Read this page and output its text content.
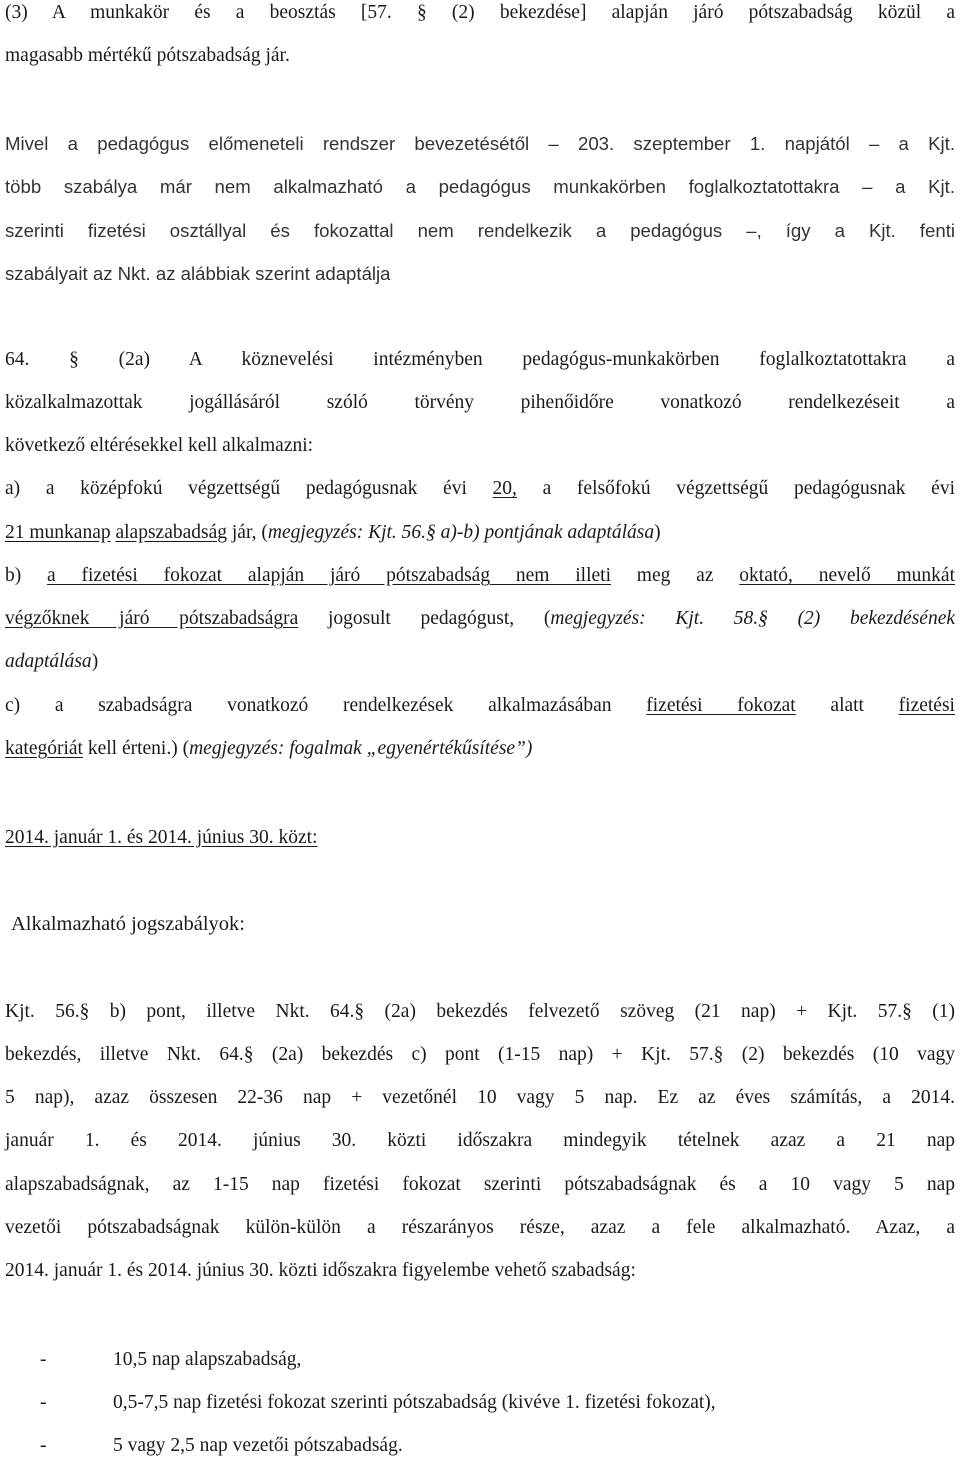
(3) A munkakör és a beosztás [57. § (2) bekezdése] alapján járó pótszabadság közül a
magasabb mértékű pótszabadság jár.
Mivel a pedagógus előmeneteli rendszer bevezetésétől – 203. szeptember 1. napjától – a Kjt.
több szabálya már nem alkalmazható a pedagógus munkakörben foglalkoztatottakra – a Kjt.
szerinti fizetési osztállyal és fokozattal nem rendelkezik a pedagógus –, így a Kjt. fenti
szabályait az Nkt. az alábbiak szerint adaptálja
64. § (2a) A köznevelési intézményben pedagógus-munkakörben foglalkoztatottakra a
közalkalmazottak jogállásáról szóló törvény pihenőidőre vonatkozó rendelkezéseit a
következő eltérésekkel kell alkalmazni:
a) a középfokú végzettségű pedagógusnak évi 20, a felsőfokú végzettségű pedagógusnak évi
21 munkanap alapszabadság jár, (megjegyzés: Kjt. 56.§ a)-b) pontjának adaptálása)
b) a fizetési fokozat alapján járó pótszabadság nem illeti meg az oktató, nevelő munkát
végzőknek járó pótszabadságra jogosult pedagógust, (megjegyzés: Kjt. 58.§ (2) bekezdésének
adaptálása)
c) a szabadságra vonatkozó rendelkezések alkalmazásában fizetési fokozat alatt fizetési
kategóriát kell érteni.) (megjegyzés: fogalmak „egyenértékűsítése”)
2014. január 1. és 2014. június 30. közt:
Alkalmazható jogszabályok:
Kjt. 56.§ b) pont, illetve Nkt. 64.§ (2a) bekezdés felvezető szöveg (21 nap) + Kjt. 57.§ (1)
bekezdés, illetve Nkt. 64.§ (2a) bekezdés c) pont (1-15 nap) + Kjt. 57.§ (2) bekezdés (10 vagy
5 nap), azaz összesen 22-36 nap + vezetőnél 10 vagy 5 nap. Ez az éves számítás, a 2014.
január 1. és 2014. június 30. közti időszakra mindegyik tételnek azaz a 21 nap
alapszabadságnak, az 1-15 nap fizetési fokozat szerinti pótszabadságnak és a 10 vagy 5 nap
vezetői pótszabadságnak külön-külön a részarányos része, azaz a fele alkalmazható. Azaz, a
2014. január 1. és 2014. június 30. közti időszakra figyelembe vehető szabadság:
-	10,5 nap alapszabadság,
-	0,5-7,5 nap fizetési fokozat szerinti pótszabadság (kivéve 1. fizetési fokozat),
-	5 vagy 2,5 nap vezetői pótszabadság.
